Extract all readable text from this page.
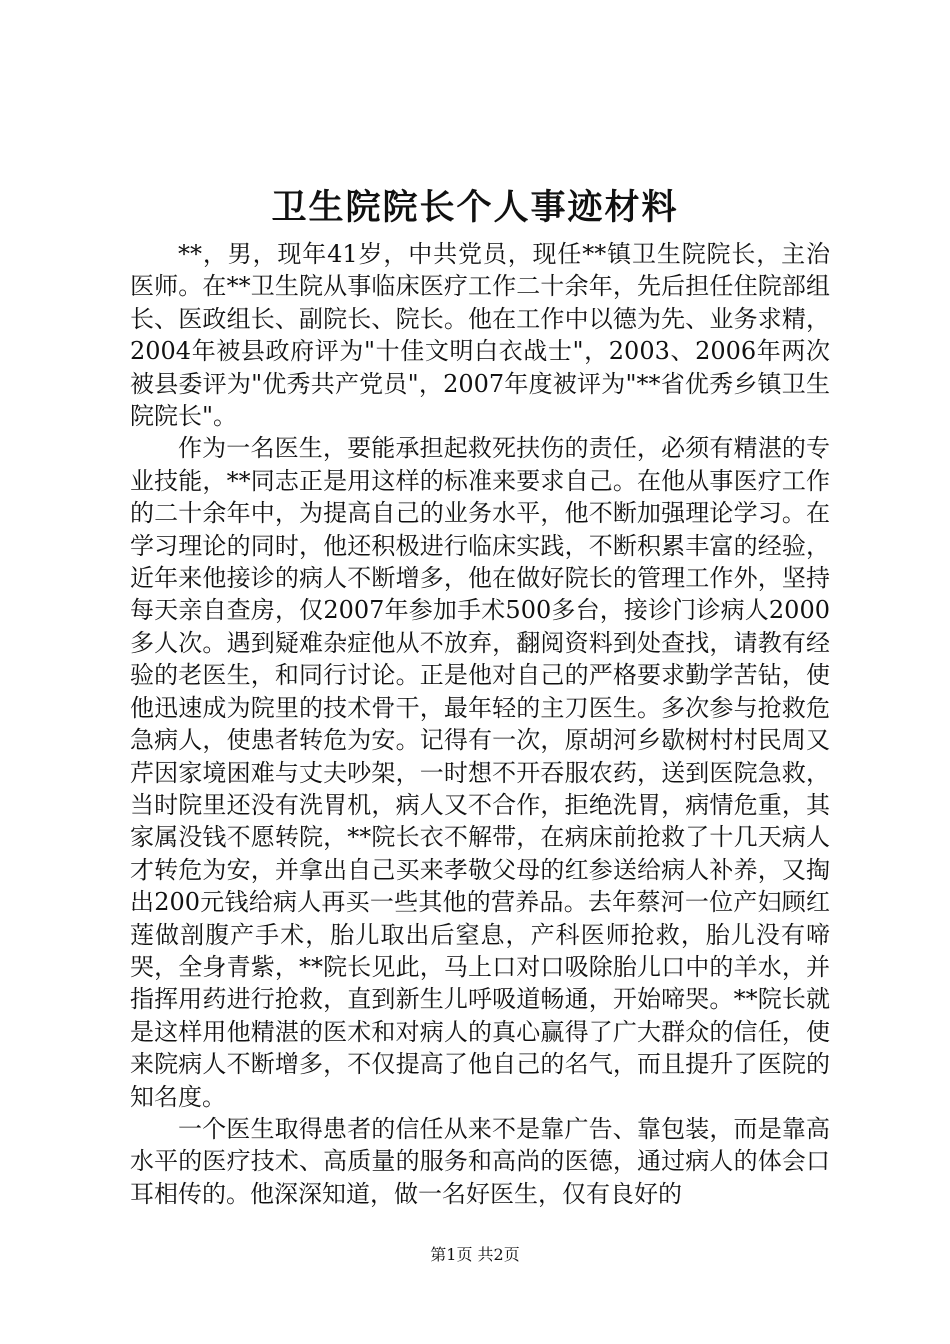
卫生院院长个人事迹材料

**，男，现年41岁，中共党员，现任**镇卫生院院长，主治医师。在**卫生院从事临床医疗工作二十余年，先后担任住院部组长、医政组长、副院长、院长。他在工作中以德为先、业务求精，2004年被县政府评为"十佳文明白衣战士"，2003、2006年两次被县委评为"优秀共产党员"，2007年度被评为"**省优秀乡镇卫生院院长"。

作为一名医生，要能承担起救死扶伤的责任，必须有精湛的专业技能，**同志正是用这样的标准来要求自己。在他从事医疗工作的二十余年中，为提高自己的业务水平，他不断加强理论学习。在学习理论的同时，他还积极进行临床实践，不断积累丰富的经验，近年来他接诊的病人不断增多，他在做好院长的管理工作外，坚持每天亲自查房，仅2007年参加手术500多台，接诊门诊病人2000多人次。遇到疑难杂症他从不放弃，翻阅资料到处查找，请教有经验的老医生，和同行讨论。正是他对自己的严格要求勤学苦钻，使他迅速成为院里的技术骨干，最年轻的主刀医生。多次参与抢救危急病人，使患者转危为安。记得有一次，原胡河乡歇树村村民周又芹因家境困难与丈夫吵架，一时想不开吞服农药，送到医院急救，当时院里还没有洗胃机，病人又不合作，拒绝洗胃，病情危重，其家属没钱不愿转院，**院长衣不解带，在病床前抢救了十几天病人才转危为安，并拿出自己买来孝敬父母的红参送给病人补养，又掏出200元钱给病人再买一些其他的营养品。去年蔡河一位产妇顾红莲做剖腹产手术，胎儿取出后窒息，产科医师抢救，胎儿没有啼哭，全身青紫，**院长见此，马上口对口吸除胎儿口中的羊水，并指挥用药进行抢救，直到新生儿呼吸道畅通，开始啼哭。**院长就是这样用他精湛的医术和对病人的真心赢得了广大群众的信任，使来院病人不断增多，不仅提高了他自己的名气，而且提升了医院的知名度。

一个医生取得患者的信任从来不是靠广告、靠包装，而是靠高水平的医疗技术、高质量的服务和高尚的医德，通过病人的体会口耳相传的。他深深知道，做一名好医生，仅有良好的

第1页 共2页
